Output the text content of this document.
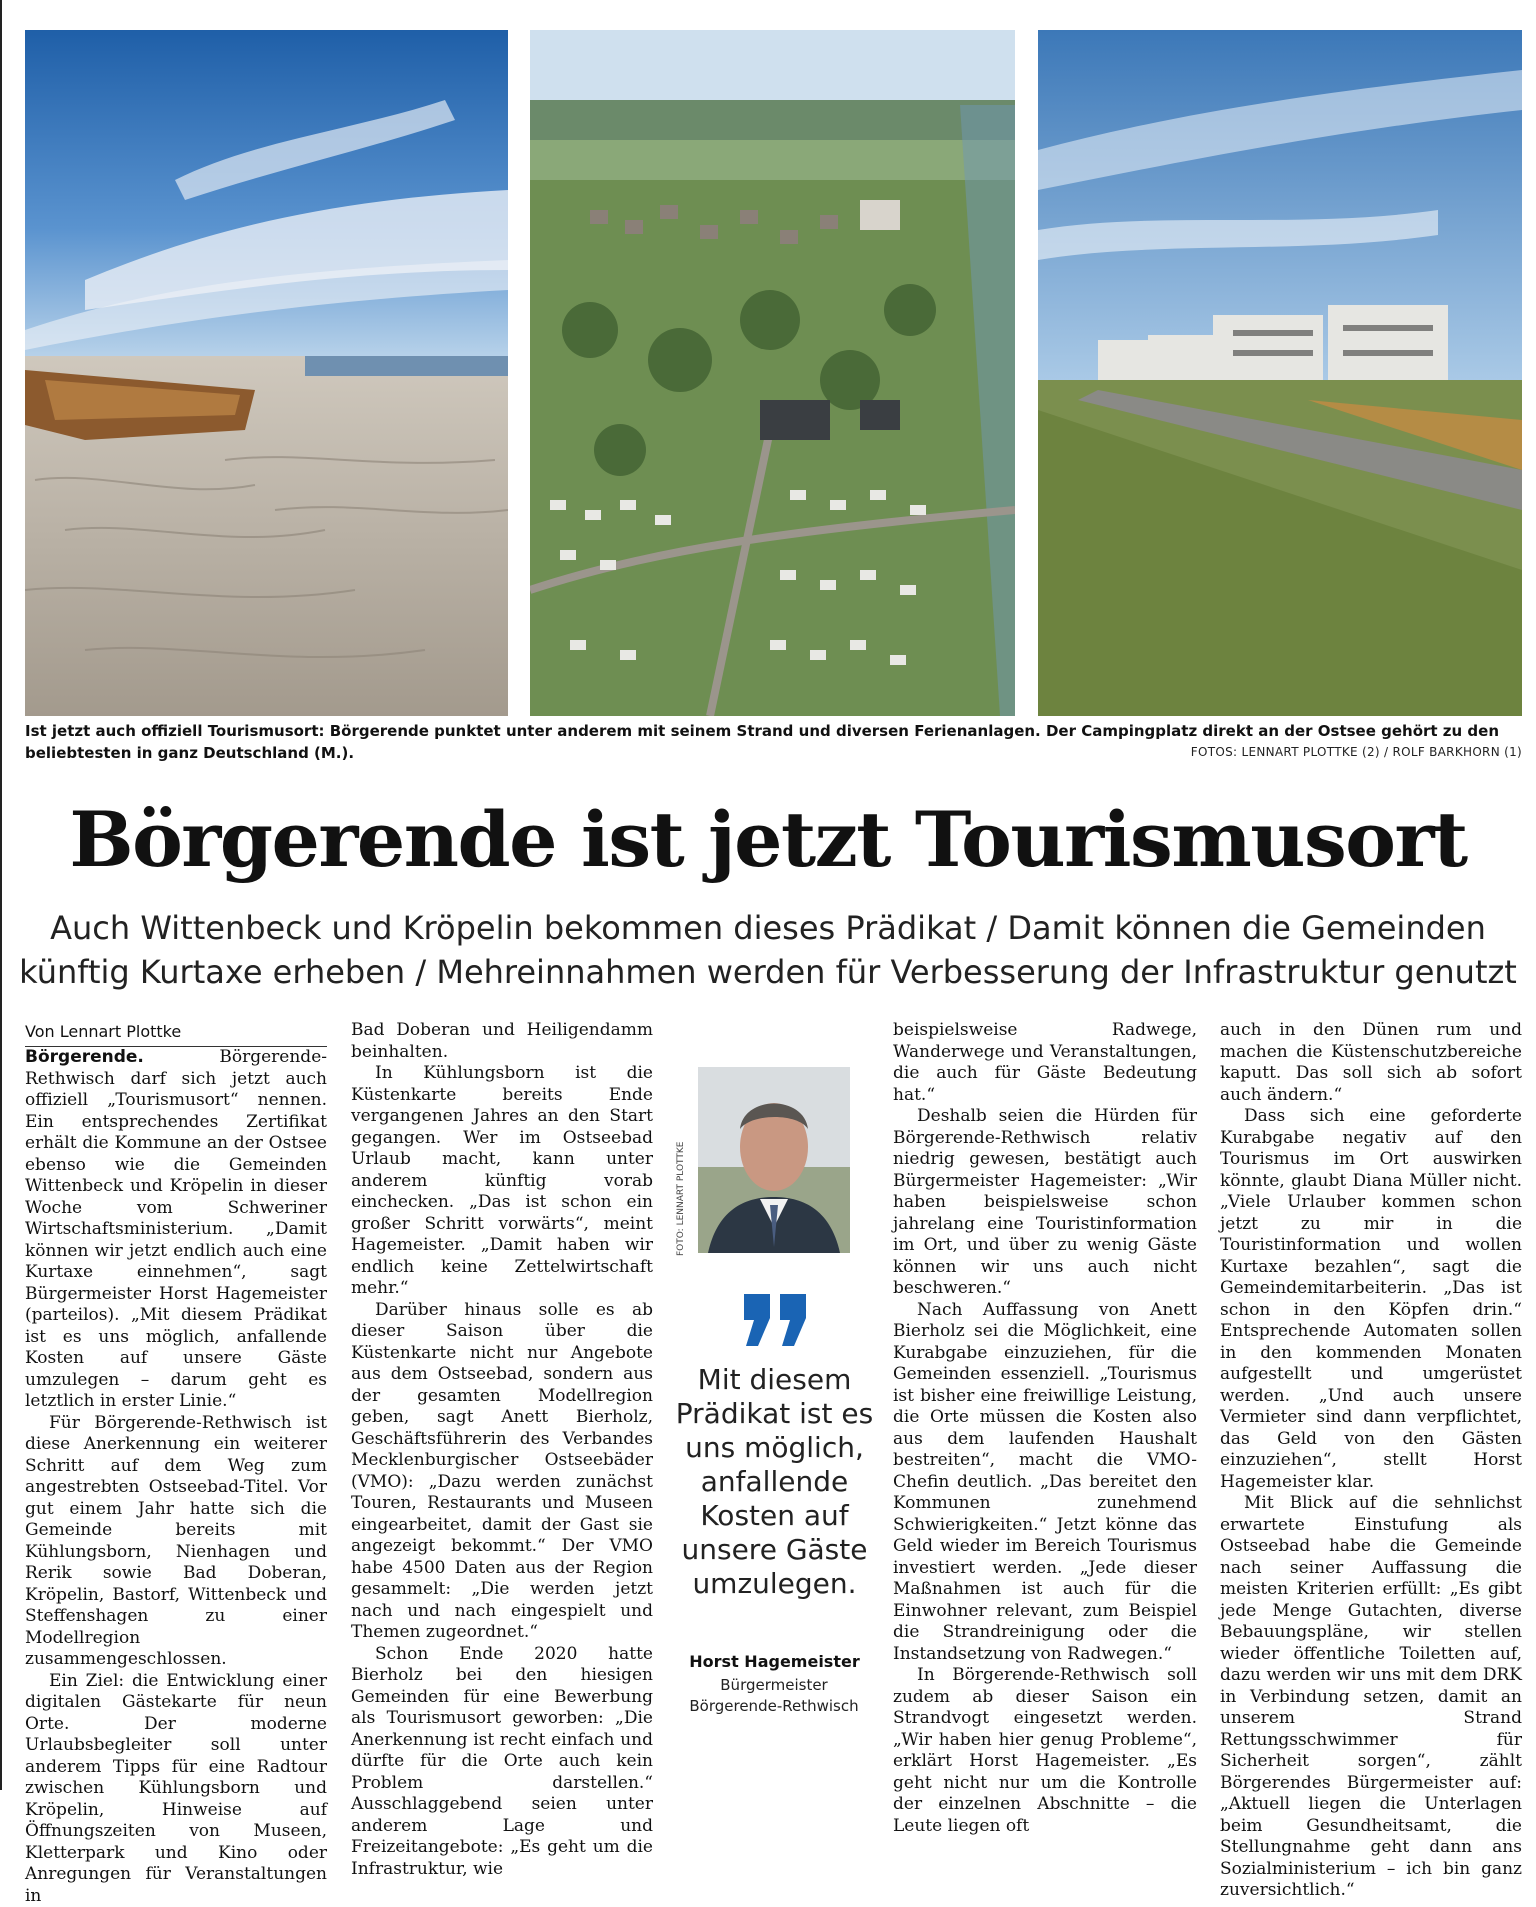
Ist jetzt auch offiziell Tourismusort: Börgerende punktet unter anderem mit seinem Strand und diversen Ferienanlagen. Der Campingplatz direkt an der Ostsee gehört zu den beliebtesten in ganz Deutschland (M.).	FOTOS: LENNART PLOTTKE (2) / ROLF BARKHORN (1)
Börgerende ist jetzt Tourismusort
Auch Wittenbeck und Kröpelin bekommen dieses Prädikat / Damit können die Gemeinden
künftig Kurtaxe erheben / Mehreinnahmen werden für Verbesserung der Infrastruktur genutzt

Von Lennart Plottke

Börgerende.	Börgerende-Rethwisch darf sich jetzt auch offiziell „Tourismusort“ nennen. Ein entsprechendes Zertifikat erhält die Kommune an der Ostsee ebenso wie die Gemeinden Wittenbeck und Kröpelin in dieser Woche vom Schweriner Wirtschaftsministerium. „Damit können wir jetzt endlich auch eine Kurtaxe einnehmen“, sagt Bürgermeister Horst Hagemeister (parteilos). „Mit diesem Prädikat ist es uns möglich, anfallende Kosten auf unsere Gäste umzulegen – darum geht es letztlich in erster Linie.“

Für Börgerende-Rethwisch ist diese Anerkennung ein weiterer Schritt auf dem Weg zum angestrebten Ostseebad-Titel. Vor gut einem Jahr hatte sich die Gemeinde bereits mit Kühlungsborn, Nienhagen und Rerik sowie Bad Doberan, Kröpelin, Bastorf, Wittenbeck und Steffenshagen zu einer Modellregion zusammengeschlossen.

Ein Ziel: die Entwicklung einer digitalen Gästekarte für neun Orte. Der moderne Urlaubsbegleiter soll unter anderem Tipps für eine Radtour zwischen Kühlungsborn und Kröpelin, Hinweise auf Öffnungszeiten von Museen, Kletterpark und Kino oder Anregungen für Veranstaltungen in

Bad Doberan und Heiligendamm beinhalten.

In Kühlungsborn ist die Küstenkarte bereits Ende vergangenen Jahres an den Start gegangen. Wer im Ostseebad Urlaub macht, kann unter anderem künftig vorab einchecken. „Das ist schon ein großer Schritt vorwärts“, meint Hagemeister. „Damit haben wir endlich keine Zettelwirtschaft mehr.“

Darüber hinaus solle es ab dieser Saison über die Küstenkarte nicht nur Angebote aus dem Ostseebad, sondern aus der gesamten Modellregion geben, sagt Anett Bierholz, Geschäftsführerin des Verbandes Mecklenburgischer Ostseebäder (VMO): „Dazu werden zunächst Touren, Restaurants und Museen eingearbeitet, damit der Gast sie angezeigt bekommt.“ Der VMO habe 4500 Daten aus der Region gesammelt: „Die werden jetzt nach und nach eingespielt und Themen zugeordnet.“

Schon Ende 2020 hatte Bierholz bei den hiesigen Gemeinden für eine Bewerbung als Tourismusort geworben: „Die Anerkennung ist recht einfach und dürfte für die Orte auch kein Problem darstellen.“ Ausschlaggebend seien unter anderem Lage und Freizeitangebote: „Es geht um die Infrastruktur, wie

FOTO: LENNART PLOTTKE
Mit diesem Prädikat ist es uns möglich, anfallende Kosten auf unsere Gäste umzulegen.
Horst Hagemeister
Bürgermeister
Börgerende-Rethwisch

beispielsweise Radwege, Wanderwege und Veranstaltungen, die auch für Gäste Bedeutung hat.“

Deshalb seien die Hürden für Börgerende-Rethwisch relativ niedrig gewesen, bestätigt auch Bürgermeister Hagemeister: „Wir haben beispielsweise schon jahrelang eine Touristinformation im Ort, und über zu wenig Gäste können wir uns auch nicht beschweren.“

Nach Auffassung von Anett Bierholz sei die Möglichkeit, eine Kurabgabe einzuziehen, für die Gemeinden essenziell. „Tourismus ist bisher eine freiwillige Leistung, die Orte müssen die Kosten also aus dem laufenden Haushalt bestreiten“, macht die VMO-Chefin deutlich. „Das bereitet den Kommunen zunehmend Schwierigkeiten.“ Jetzt könne das Geld wieder im Bereich Tourismus investiert werden. „Jede dieser Maßnahmen ist auch für die Einwohner relevant, zum Beispiel die Strandreinigung oder die Instandsetzung von Radwegen.“

In Börgerende-Rethwisch soll zudem ab dieser Saison ein Strandvogt eingesetzt werden. „Wir haben hier genug Probleme“, erklärt Horst Hagemeister. „Es geht nicht nur um die Kontrolle der einzelnen Abschnitte – die Leute liegen oft

auch in den Dünen rum und machen die Küstenschutzbereiche kaputt. Das soll sich ab sofort auch ändern.“

Dass sich eine geforderte Kurabgabe negativ auf den Tourismus im Ort auswirken könnte, glaubt Diana Müller nicht. „Viele Urlauber kommen schon jetzt zu mir in die Touristinformation und wollen Kurtaxe bezahlen“, sagt die Gemeindemitarbeiterin. „Das ist schon in den Köpfen drin.“ Entsprechende Automaten sollen in den kommenden Monaten aufgestellt und umgerüstet werden. „Und auch unsere Vermieter sind dann verpflichtet, das Geld von den Gästen einzuziehen“, stellt Horst Hagemeister klar.

Mit Blick auf die sehnlichst erwartete Einstufung als Ostseebad habe die Gemeinde nach seiner Auffassung die meisten Kriterien erfüllt: „Es gibt jede Menge Gutachten, diverse Bebauungspläne, wir stellen wieder öffentliche Toiletten auf, dazu werden wir uns mit dem DRK in Verbindung setzen, damit an unserem Strand Rettungsschwimmer für Sicherheit sorgen“, zählt Börgerendes Bürgermeister auf: „Aktuell liegen die Unterlagen beim Gesundheitsamt, die Stellungnahme geht dann ans Sozialministerium – ich bin ganz zuversichtlich.“
